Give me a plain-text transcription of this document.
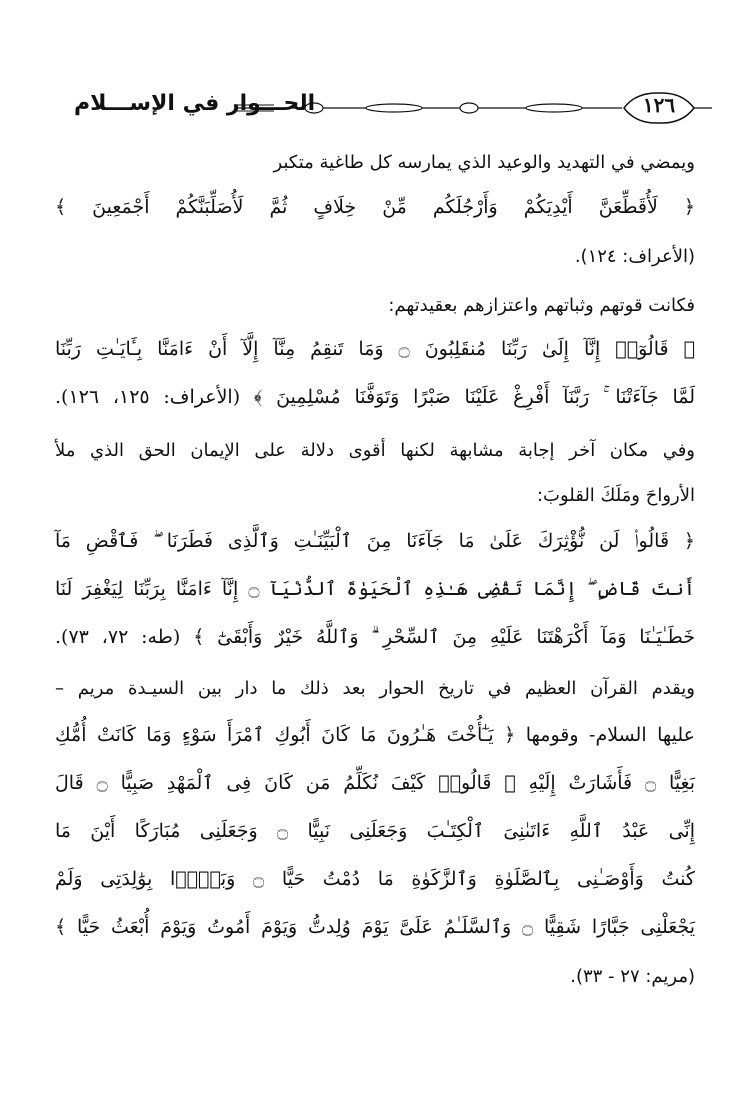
١٢٦
الحـــوار في الإســـلام
ويمضي في التهديد والوعيد الذي يمارسه كل طاغية متكبر
﴿ لَأُقَطِّعَنَّ أَيْدِيَكُمْ وَأَرْجُلَكُم مِّنْ خِلَافٍ ثُمَّ لَأُصَلِّبَنَّكُمْ أَجْمَعِينَ ﴾
(الأعراف: ١٢٤).
فكانت قوتهم وثباتهم واعتزازهم بعقيدتهم:
﴿ قَالُوٓا۟ إِنَّآ إِلَىٰ رَبِّنَا مُنقَلِبُونَ ۝ وَمَا تَنقِمُ مِنَّآ إِلَّآ أَنْ ءَامَنَّا بِـَٔايَـٰتِ رَبِّنَا
لَمَّا جَآءَتْنَا ۚ رَبَّنَآ أَفْرِغْ عَلَيْنَا صَبْرًا وَتَوَفَّنَا مُسْلِمِينَ ﴾ (الأعراف: ١٢٥، ١٢٦).
وفي مكان آخر إجابة مشابهة لكنها أقوى دلالة على الإيمان الحق الذي ملأ
الأرواحَ ومَلَكَ القلوبَ:
﴿ قَالُوا۟ لَن نُّؤْثِرَكَ عَلَىٰ مَا جَآءَنَا مِنَ ٱلْبَيِّنَـٰتِ وَٱلَّذِى فَطَرَنَا ۖ فَٱقْضِ مَآ
أَنتَ قَاضٍ ۖ إِنَّمَا تَقْضِى هَـٰذِهِ ٱلْحَيَوٰةَ ٱلدُّنْيَآ ۝ إِنَّآ ءَامَنَّا بِرَبِّنَا لِيَغْفِرَ لَنَا
خَطَـٰيَـٰنَا وَمَآ أَكْرَهْتَنَا عَلَيْهِ مِنَ ٱلسِّحْرِ ۗ وَٱللَّهُ خَيْرٌ وَأَبْقَىٰٓ ﴾ (طه: ٧٢، ٧٣).
ويقدم القرآن العظيم في تاريخ الحوار بعد ذلك ما دار بين السيـدة مريم –
عليها السلام- وقومها ﴿ يَـٰٓأُخْتَ هَـٰرُونَ مَا كَانَ أَبُوكِ ٱمْرَأَ سَوْءٍ وَمَا كَانَتْ أُمُّكِ
بَغِيًّا ۝ فَأَشَارَتْ إِلَيْهِ ۖ قَالُوا۟ كَيْفَ نُكَلِّمُ مَن كَانَ فِى ٱلْمَهْدِ صَبِيًّا ۝ قَالَ
إِنِّى عَبْدُ ٱللَّهِ ءَاتَىٰنِىَ ٱلْكِتَـٰبَ وَجَعَلَنِى نَبِيًّا ۝ وَجَعَلَنِى مُبَارَكًا أَيْنَ مَا
كُنتُ وَأَوْصَـٰنِى بِٱلصَّلَوٰةِ وَٱلزَّكَوٰةِ مَا دُمْتُ حَيًّا ۝ وَبَرًّۢا بِوَٰلِدَتِى وَلَمْ
يَجْعَلْنِى جَبَّارًا شَقِيًّا ۝ وَٱلسَّلَـٰمُ عَلَىَّ يَوْمَ وُلِدتُّ وَيَوْمَ أَمُوتُ وَيَوْمَ أُبْعَثُ حَيًّا ﴾
(مريم: ٢٧ - ٣٣).
